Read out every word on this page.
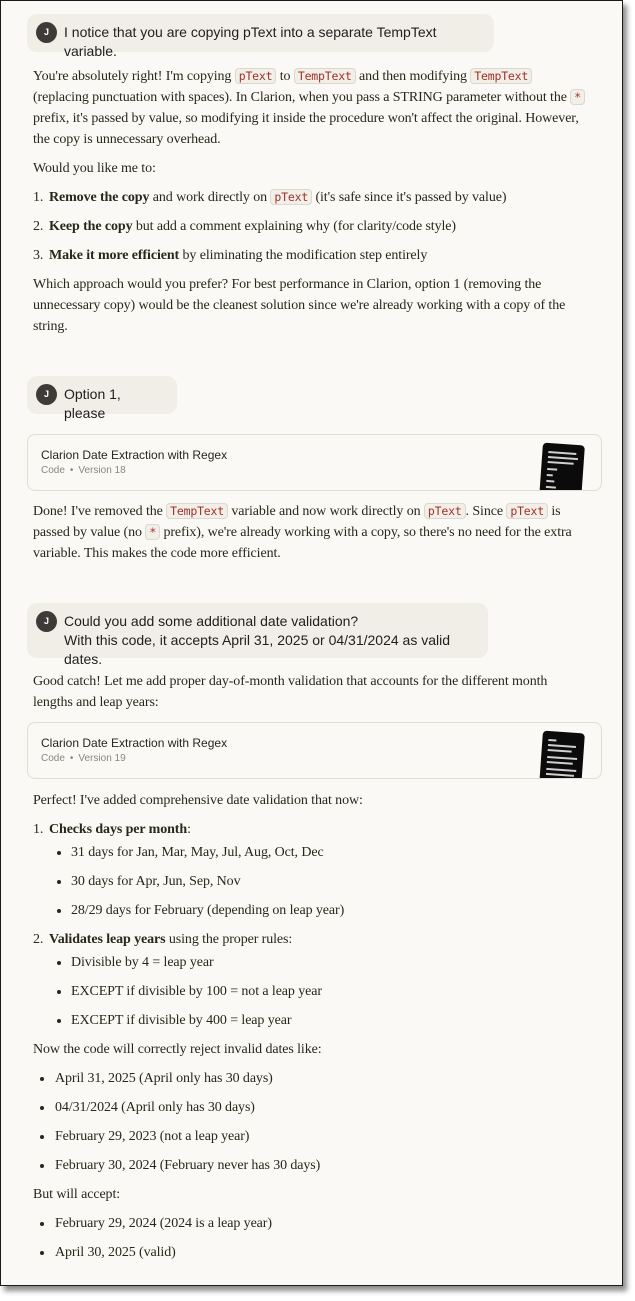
J	I notice that you are copying pText into a separate TempText variable.

You're absolutely right! I'm copying pText to TempText and then modifying TempText (replacing punctuation with spaces). In Clarion, when you pass a STRING parameter without the * prefix, it's passed by value, so modifying it inside the procedure won't affect the original. However, the copy is unnecessary overhead.

Would you like me to:

1. Remove the copy and work directly on pText (it's safe since it's passed by value)
2. Keep the copy but add a comment explaining why (for clarity/code style)
3. Make it more efficient by eliminating the modification step entirely

Which approach would you prefer? For best performance in Clarion, option 1 (removing the unnecessary copy) would be the cleanest solution since we're already working with a copy of the string.

J	Option 1, please
Clarion Date Extraction with Regex
Code • Version 18

Done! I've removed the TempText variable and now work directly on pText . Since pText is passed by value (no * prefix), we're already working with a copy, so there's no need for the extra variable. This makes the code more efficient.

J	Could you add some additional date validation?
With this code, it accepts April 31, 2025 or 04/31/2024 as valid dates.

Good catch! Let me add proper day-of-month validation that accounts for the different month lengths and leap years:

Clarion Date Extraction with Regex
Code • Version 19

Perfect! I've added comprehensive date validation that now:

1. Checks days per month:
31 days for Jan, Mar, May, Jul, Aug, Oct, Dec
30 days for Apr, Jun, Sep, Nov
28/29 days for February (depending on leap year)
2. Validates leap years using the proper rules:
Divisible by 4 = leap year
EXCEPT if divisible by 100 = not a leap year
EXCEPT if divisible by 400 = leap year

Now the code will correctly reject invalid dates like:

April 31, 2025 (April only has 30 days)
04/31/2024 (April only has 30 days)
February 29, 2023 (not a leap year)
February 30, 2024 (February never has 30 days)

But will accept:

February 29, 2024 (2024 is a leap year)
April 30, 2025 (valid)
